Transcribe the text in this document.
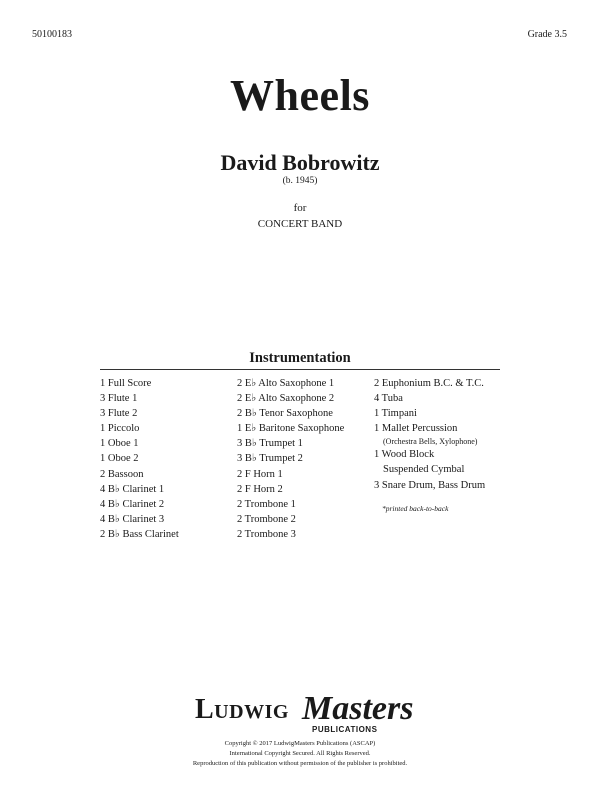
50100183	Grade 3.5
Wheels
David Bobrowitz
(b. 1945)
for
CONCERT BAND
Instrumentation
1 Full Score
3 Flute 1
3 Flute 2
1 Piccolo
1 Oboe 1
1 Oboe 2
2 Bassoon
4 B♭ Clarinet 1
4 B♭ Clarinet 2
4 B♭ Clarinet 3
2 B♭ Bass Clarinet
2 E♭ Alto Saxophone 1
2 E♭ Alto Saxophone 2
2 B♭ Tenor Saxophone
1 E♭ Baritone Saxophone
3 B♭ Trumpet 1
3 B♭ Trumpet 2
2 F Horn 1
2 F Horn 2
2 Trombone 1
2 Trombone 2
2 Trombone 3
2 Euphonium B.C. & T.C.
4 Tuba
1 Timpani
1 Mallet Percussion
(Orchestra Bells, Xylophone)
1 Wood Block
Suspended Cymbal
3 Snare Drum, Bass Drum
*printed back-to-back
Ludwig Masters
PUBLICATIONS
Copyright © 2017 LudwigMasters Publications (ASCAP)
International Copyright Secured. All Rights Reserved.
Reproduction of this publication without permission of the publisher is prohibited.
